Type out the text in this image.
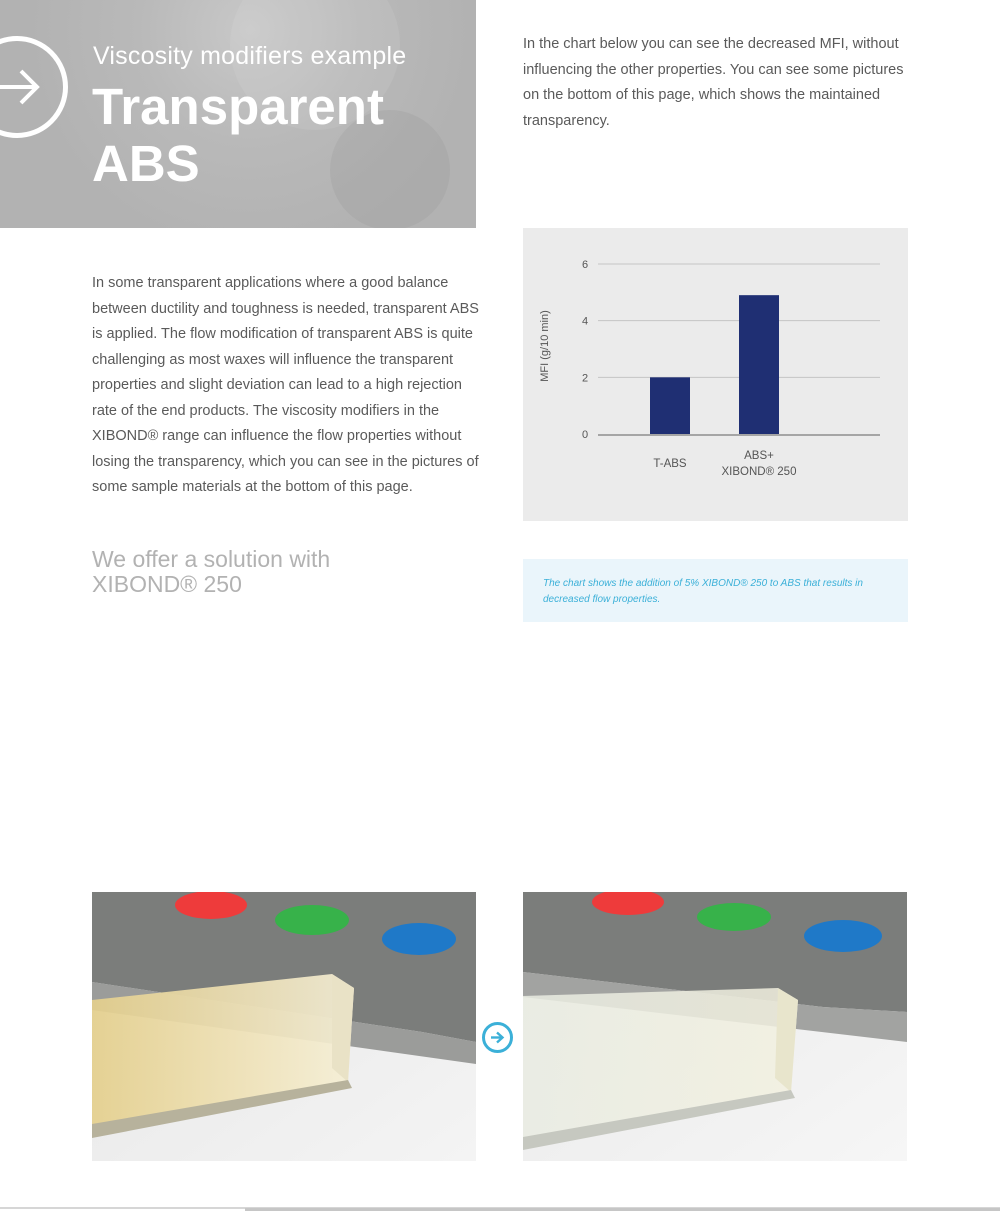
Viscosity modifiers example
Transparent ABS
In the chart below you can see the decreased MFI, without influencing the other properties. You can see some pictures on the bottom of this page, which shows the maintained transparency.
In some transparent applications where a good balance between ductility and toughness is needed, transparent ABS is applied. The flow modification of transparent ABS is quite challenging as most waxes will influence the transparent properties and slight deviation can lead to a high rejection rate of the end products. The viscosity modifiers in the XIBOND® range can influence the flow properties without losing the transparency, which you can see in the pictures of some sample materials at the bottom of this page.
We offer a solution with XIBOND® 250
0
2
4
6
T-ABS
ABS+
XIBOND® 250
MFI (g/10 min)
The chart shows the addition of 5% XIBOND® 250 to ABS that results in decreased flow properties.
